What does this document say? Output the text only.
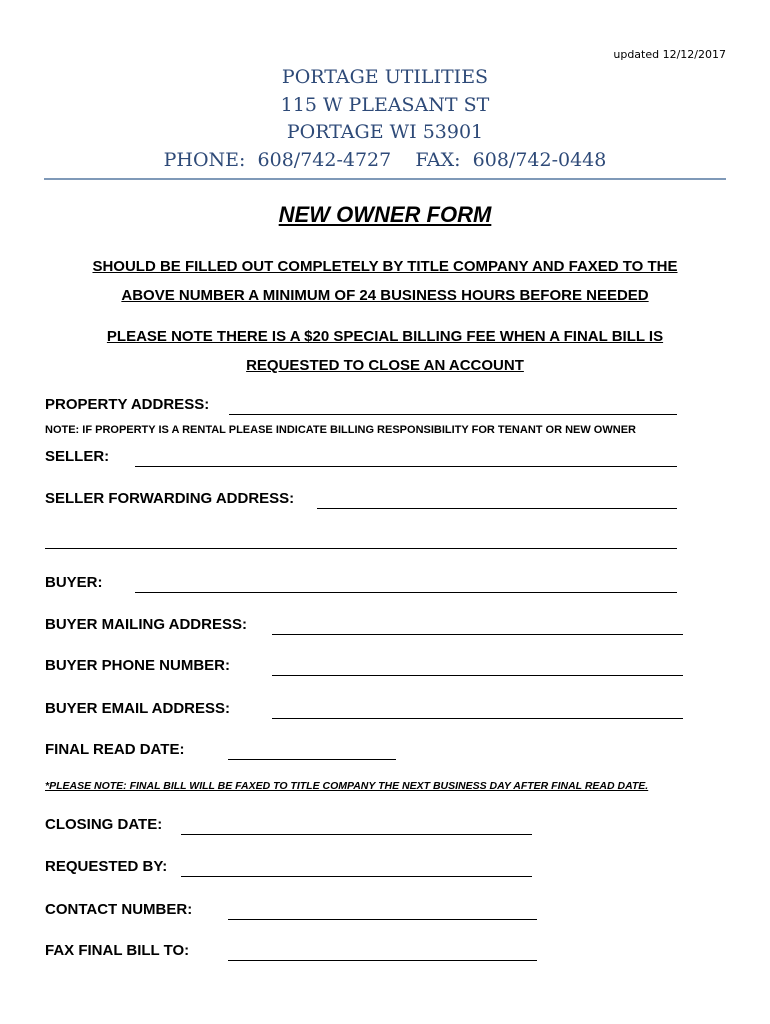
updated 12/12/2017
PORTAGE UTILITIES
115 W PLEASANT ST
PORTAGE WI 53901
PHONE:  608/742-4727    FAX:  608/742-0448
NEW OWNER FORM
SHOULD BE FILLED OUT COMPLETELY BY TITLE COMPANY AND FAXED TO THE
ABOVE NUMBER A MINIMUM OF 24 BUSINESS HOURS BEFORE NEEDED
PLEASE NOTE THERE IS A $20 SPECIAL BILLING FEE WHEN A FINAL BILL IS
REQUESTED TO CLOSE AN ACCOUNT
PROPERTY ADDRESS:
NOTE: IF PROPERTY IS A RENTAL PLEASE INDICATE BILLING RESPONSIBILITY FOR TENANT OR NEW OWNER
SELLER:
SELLER FORWARDING ADDRESS:
BUYER:
BUYER MAILING ADDRESS:
BUYER PHONE NUMBER:
BUYER EMAIL ADDRESS:
FINAL READ DATE:
*PLEASE NOTE: FINAL BILL WILL BE FAXED TO TITLE COMPANY THE NEXT BUSINESS DAY AFTER FINAL READ DATE.
CLOSING DATE:
REQUESTED BY:
CONTACT NUMBER:
FAX FINAL BILL TO:
